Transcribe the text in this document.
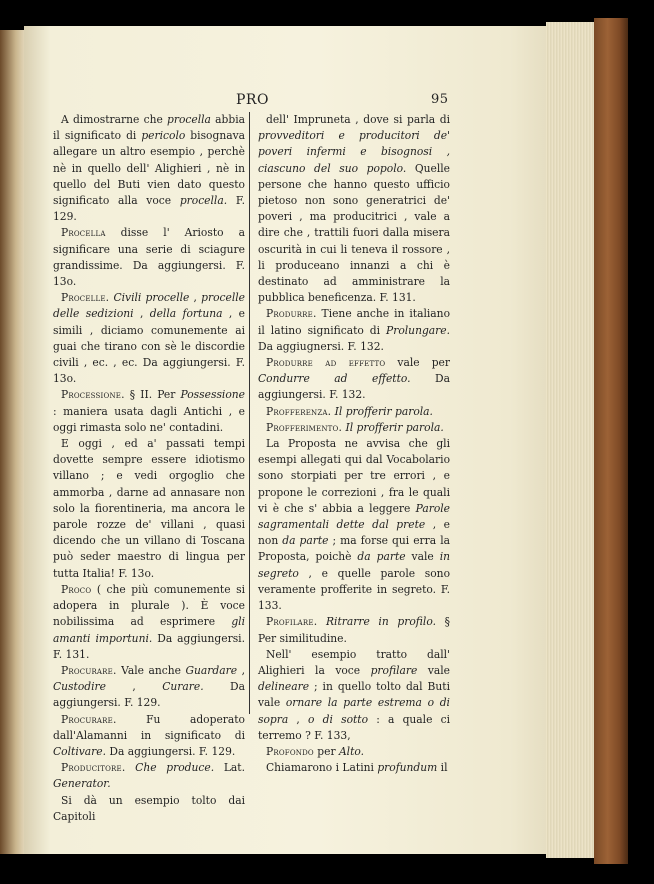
PRO	95

A dimostrarne che procella abbia il significato di pericolo bisognava allegare un altro esempio , perchè nè in quello dell' Alighieri , nè in quello del Buti vien dato questo significato alla voce procella. F. 129.

Procella disse l' Ariosto a significare una serie di sciagure grandissime. Da aggiungersi. F. 13o.

Procelle. Civili procelle , procelle delle sedizioni , della fortuna , e simili , diciamo comunemente ai guai che tirano con sè le discordie civili , ec. , ec. Da aggiungersi. F. 13o.

Processione. § II. Per Possessione : maniera usata dagli Antichi , e oggi rimasta solo ne' contadini.

E oggi , ed a' passati tempi dovette sempre essere idiotismo villano ; e vedi orgoglio che ammorba , darne ad annasare non solo la fiorentineria, ma ancora le parole rozze de' villani , quasi dicendo che un villano di Toscana può seder maestro di lingua per tutta Italia! F. 13o.

Proco ( che più comunemente si adopera in plurale ). È voce nobilissima ad esprimere gli amanti importuni. Da aggiungersi. F. 131.

Procurare. Vale anche Guardare , Custodire , Curare. Da aggiungersi. F. 129.

Procurare. Fu adoperato dall'Alamanni in significato di Coltivare. Da aggiungersi. F. 129.

Producitore. Che produce. Lat. Generator.

Si dà un esempio tolto dai Capitoli

dell' Impruneta , dove si parla di provveditori e producitori de' poveri infermi e bisognosi , ciascuno del suo popolo. Quelle persone che hanno questo ufficio pietoso non sono generatrici de' poveri , ma producitrici , vale a dire che , trattili fuori dalla misera oscurità in cui li teneva il rossore , li produceano innanzi a chi è destinato ad amministrare la pubblica beneficenza. F. 131.

Produrre. Tiene anche in italiano il latino significato di Prolungare. Da aggiugnersi. F. 132.

Produrre ad effetto vale per Condurre ad effetto. Da aggiungersi. F. 132.

Profferenza. Il profferir parola.

Profferimento. Il profferir parola.

La Proposta ne avvisa che gli esempi allegati qui dal Vocabolario sono storpiati per tre errori , e propone le correzioni , fra le quali vi è che s' abbia a leggere Parole sagramentali dette dal prete , e non da parte ; ma forse qui erra la Proposta, poichè da parte vale in segreto , e quelle parole sono veramente profferite in segreto. F. 133.

Profilare. Ritrarre in profilo. § Per similitudine.

Nell' esempio tratto dall' Alighieri la voce profilare vale delineare ; in quello tolto dal Buti vale ornare la parte estrema o di sopra , o di sotto : a quale ci terremo ? F. 133,

Profondo per Alto.

Chiamarono i Latini profundum il
